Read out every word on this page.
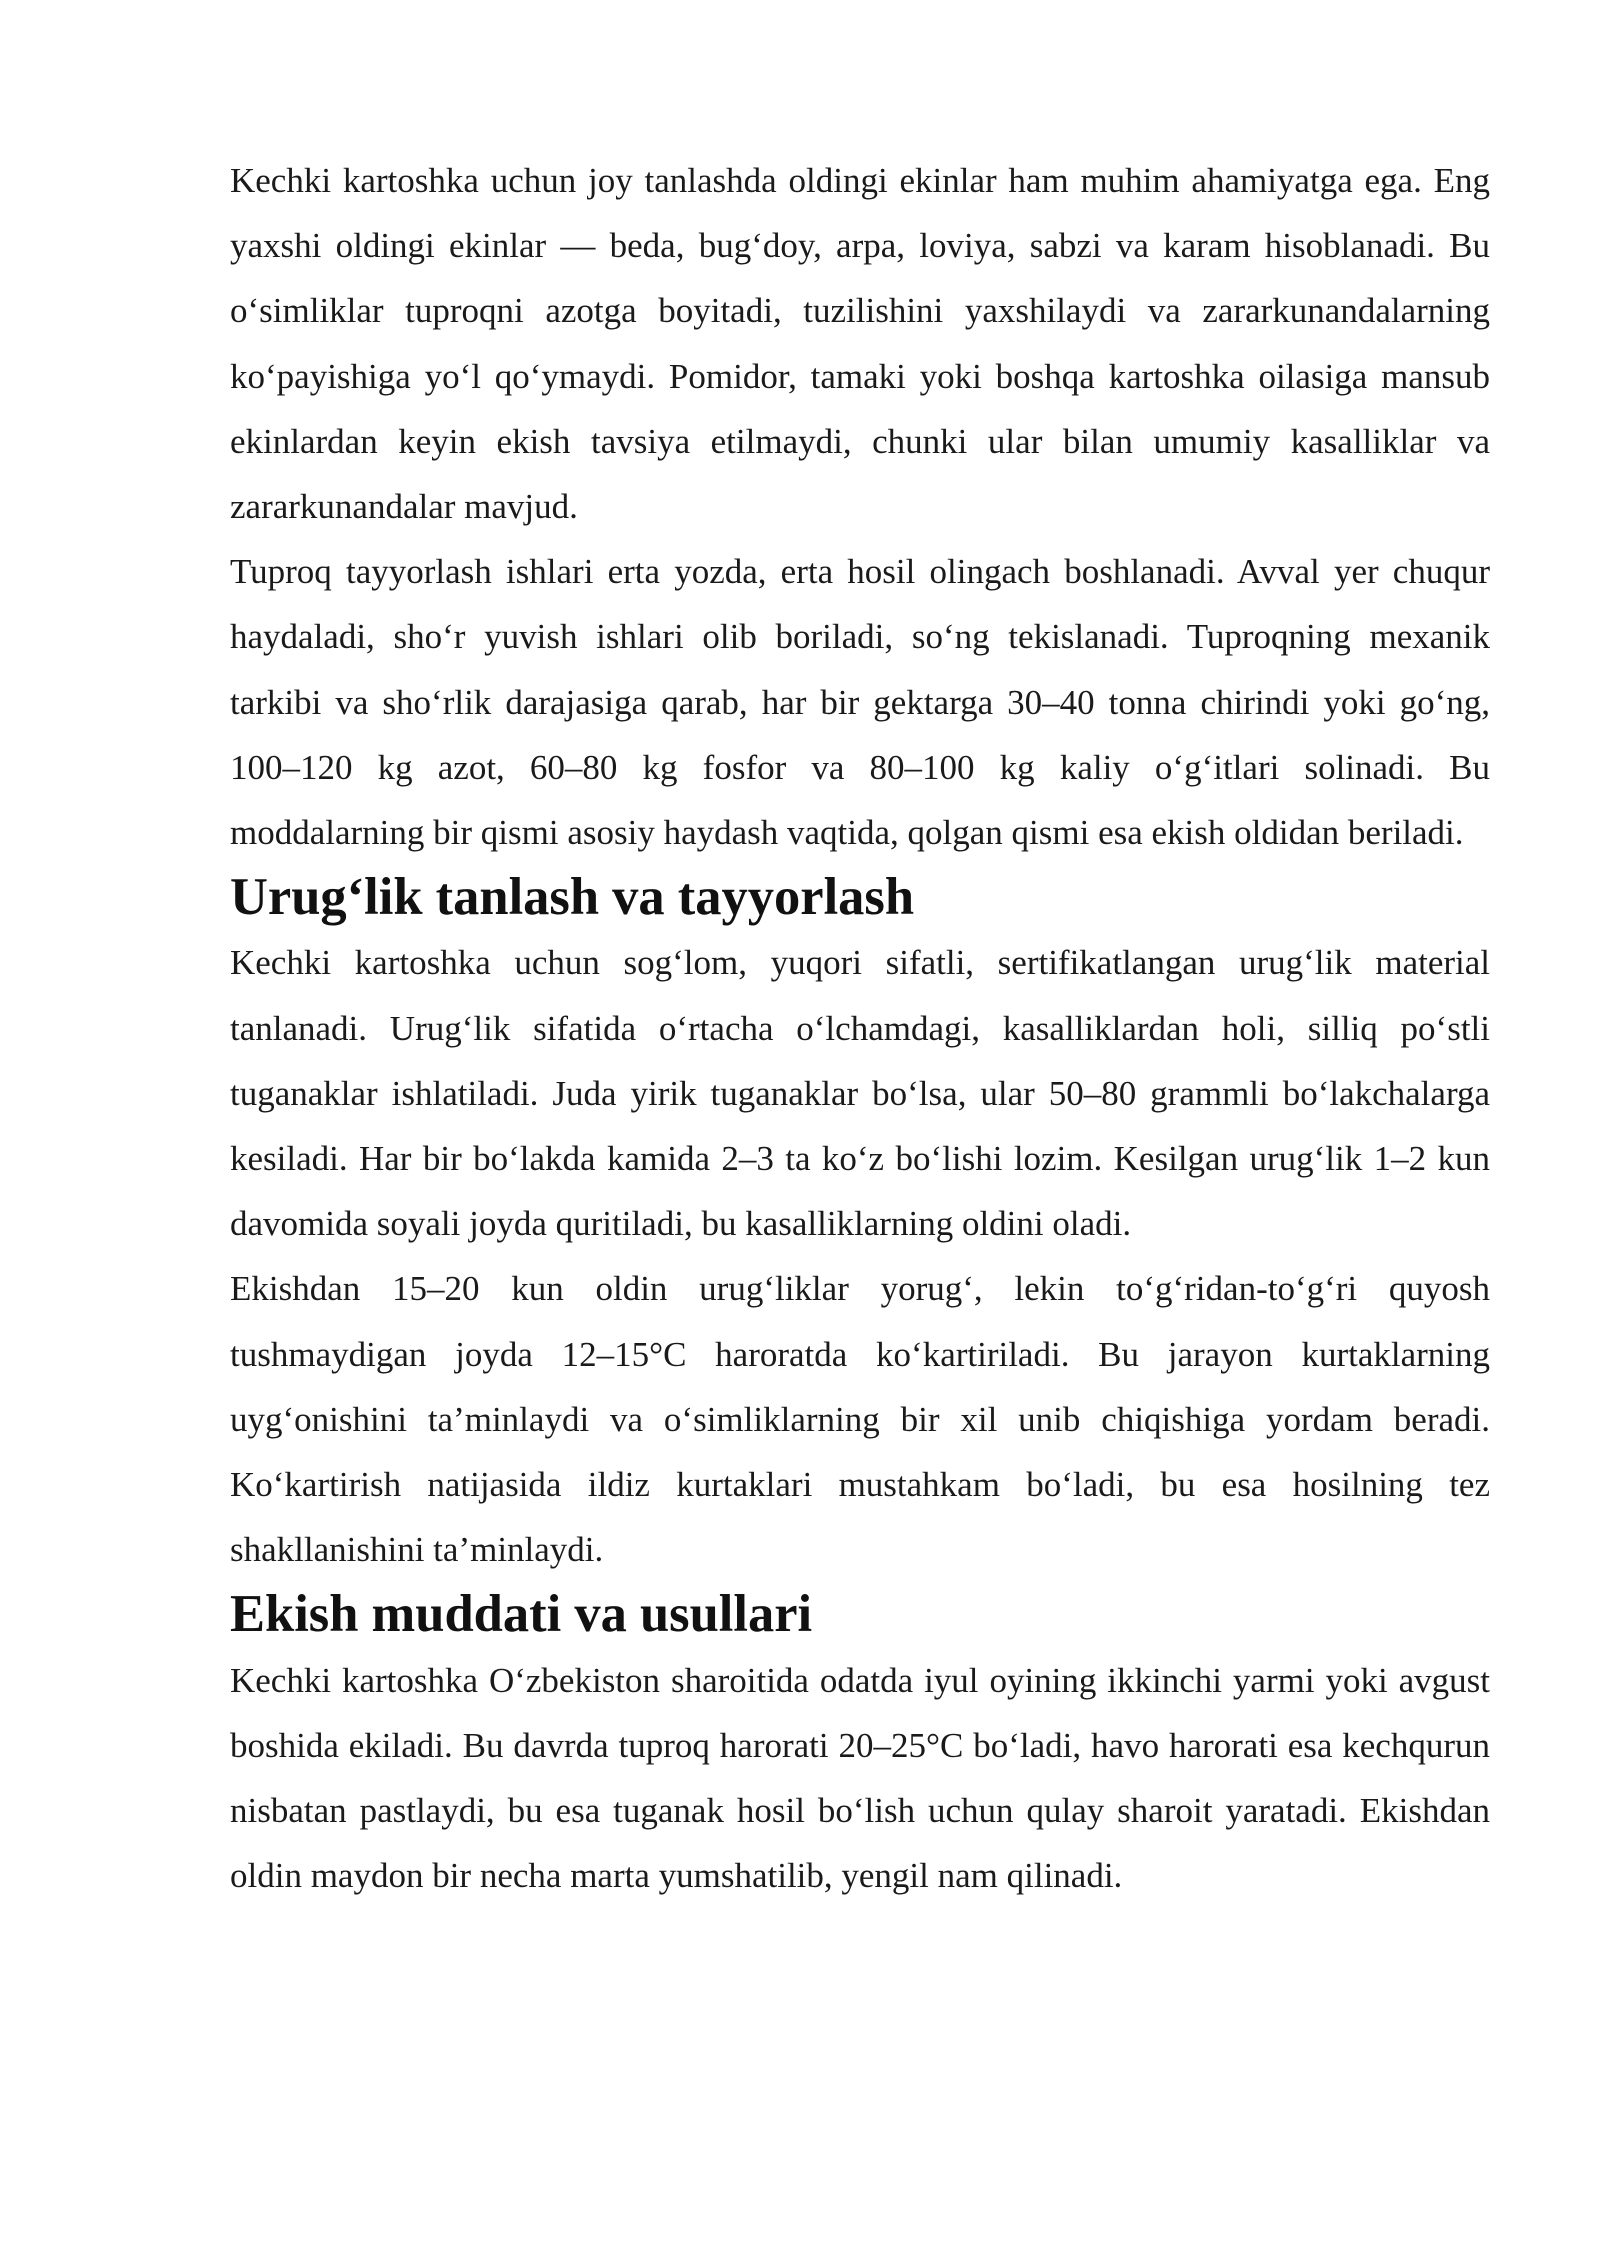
Kechki kartoshka uchun joy tanlashda oldingi ekinlar ham muhim ahamiyatga ega. Eng yaxshi oldingi ekinlar — beda, bug‘doy, arpa, loviya, sabzi va karam hisoblanadi. Bu o‘simliklar tuproqni azotga boyitadi, tuzilishini yaxshilaydi va zararkunandalarning ko‘payishiga yo‘l qo‘ymaydi. Pomidor, tamaki yoki boshqa kartoshka oilasiga mansub ekinlardan keyin ekish tavsiya etilmaydi, chunki ular bilan umumiy kasalliklar va zararkunandalar mavjud.

Tuproq tayyorlash ishlari erta yozda, erta hosil olingach boshlanadi. Avval yer chuqur haydaladi, sho‘r yuvish ishlari olib boriladi, so‘ng tekislanadi. Tuproqning mexanik tarkibi va sho‘rlik darajasiga qarab, har bir gektarga 30–40 tonna chirindi yoki go‘ng, 100–120 kg azot, 60–80 kg fosfor va 80–100 kg kaliy o‘g‘itlari solinadi. Bu moddalarning bir qismi asosiy haydash vaqtida, qolgan qismi esa ekish oldidan beriladi.

Urug‘lik tanlash va tayyorlash

Kechki kartoshka uchun sog‘lom, yuqori sifatli, sertifikatlangan urug‘lik material tanlanadi. Urug‘lik sifatida o‘rtacha o‘lchamdagi, kasalliklardan holi, silliq po‘stli tuganaklar ishlatiladi. Juda yirik tuganaklar bo‘lsa, ular 50–80 grammli bo‘lakchalarga kesiladi. Har bir bo‘lakda kamida 2–3 ta ko‘z bo‘lishi lozim. Kesilgan urug‘lik 1–2 kun davomida soyali joyda quritiladi, bu kasalliklarning oldini oladi.

Ekishdan 15–20 kun oldin urug‘liklar yorug‘, lekin to‘g‘ridan-to‘g‘ri quyosh tushmaydigan joyda 12–15°C haroratda ko‘kartiriladi. Bu jarayon kurtaklarning uyg‘onishini ta’minlaydi va o‘simliklarning bir xil unib chiqishiga yordam beradi. Ko‘kartirish natijasida ildiz kurtaklari mustahkam bo‘ladi, bu esa hosilning tez shakllanishini ta’minlaydi.

Ekish muddati va usullari

Kechki kartoshka O‘zbekiston sharoitida odatda iyul oyining ikkinchi yarmi yoki avgust boshida ekiladi. Bu davrda tuproq harorati 20–25°C bo‘ladi, havo harorati esa kechqurun nisbatan pastlaydi, bu esa tuganak hosil bo‘lish uchun qulay sharoit yaratadi. Ekishdan oldin maydon bir necha marta yumshatilib, yengil nam qilinadi.
